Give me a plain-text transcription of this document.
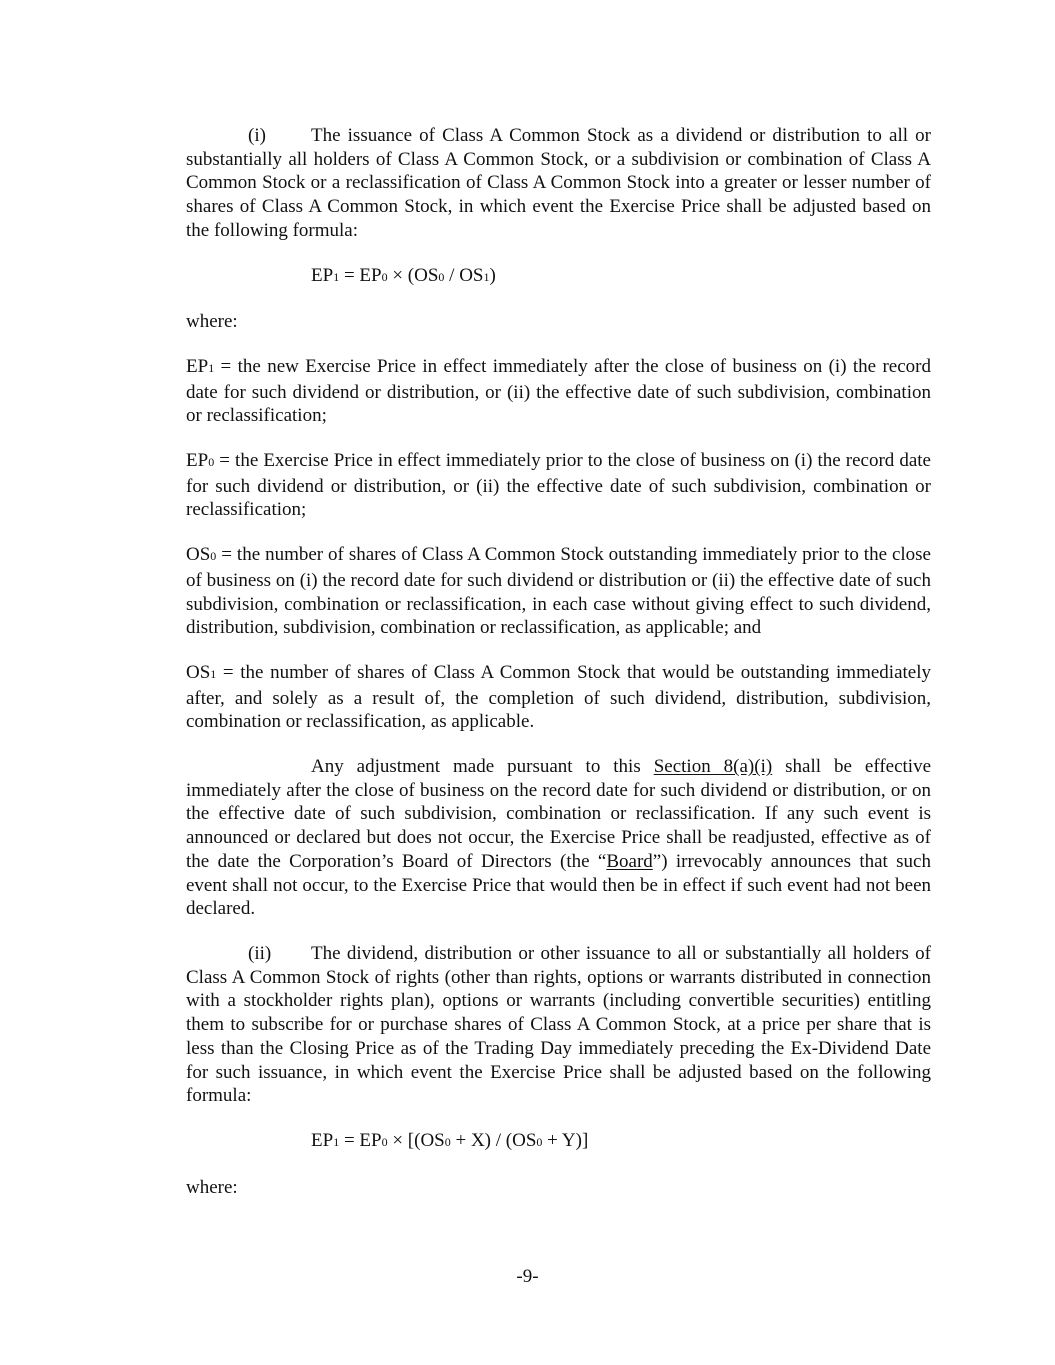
(i) The issuance of Class A Common Stock as a dividend or distribution to all or substantially all holders of Class A Common Stock, or a subdivision or combination of Class A Common Stock or a reclassification of Class A Common Stock into a greater or lesser number of shares of Class A Common Stock, in which event the Exercise Price shall be adjusted based on the following formula:

EP1 = EP0 × (OS0 / OS1)

where:

EP1 = the new Exercise Price in effect immediately after the close of business on (i) the record date for such dividend or distribution, or (ii) the effective date of such subdivision, combination or reclassification;

EP0 = the Exercise Price in effect immediately prior to the close of business on (i) the record date for such dividend or distribution, or (ii) the effective date of such subdivision, combination or reclassification;

OS0 = the number of shares of Class A Common Stock outstanding immediately prior to the close of business on (i) the record date for such dividend or distribution or (ii) the effective date of such subdivision, combination or reclassification, in each case without giving effect to such dividend, distribution, subdivision, combination or reclassification, as applicable; and

OS1 = the number of shares of Class A Common Stock that would be outstanding immediately after, and solely as a result of, the completion of such dividend, distribution, subdivision, combination or reclassification, as applicable.

Any adjustment made pursuant to this Section 8(a)(i) shall be effective immediately after the close of business on the record date for such dividend or distribution, or on the effective date of such subdivision, combination or reclassification. If any such event is announced or declared but does not occur, the Exercise Price shall be readjusted, effective as of the date the Corporation’s Board of Directors (the “Board”) irrevocably announces that such event shall not occur, to the Exercise Price that would then be in effect if such event had not been declared.

(ii) The dividend, distribution or other issuance to all or substantially all holders of Class A Common Stock of rights (other than rights, options or warrants distributed in connection with a stockholder rights plan), options or warrants (including convertible securities) entitling them to subscribe for or purchase shares of Class A Common Stock, at a price per share that is less than the Closing Price as of the Trading Day immediately preceding the Ex-Dividend Date for such issuance, in which event the Exercise Price shall be adjusted based on the following formula:

EP1 = EP0 × [(OS0 + X) / (OS0 + Y)]

where:

-9-
